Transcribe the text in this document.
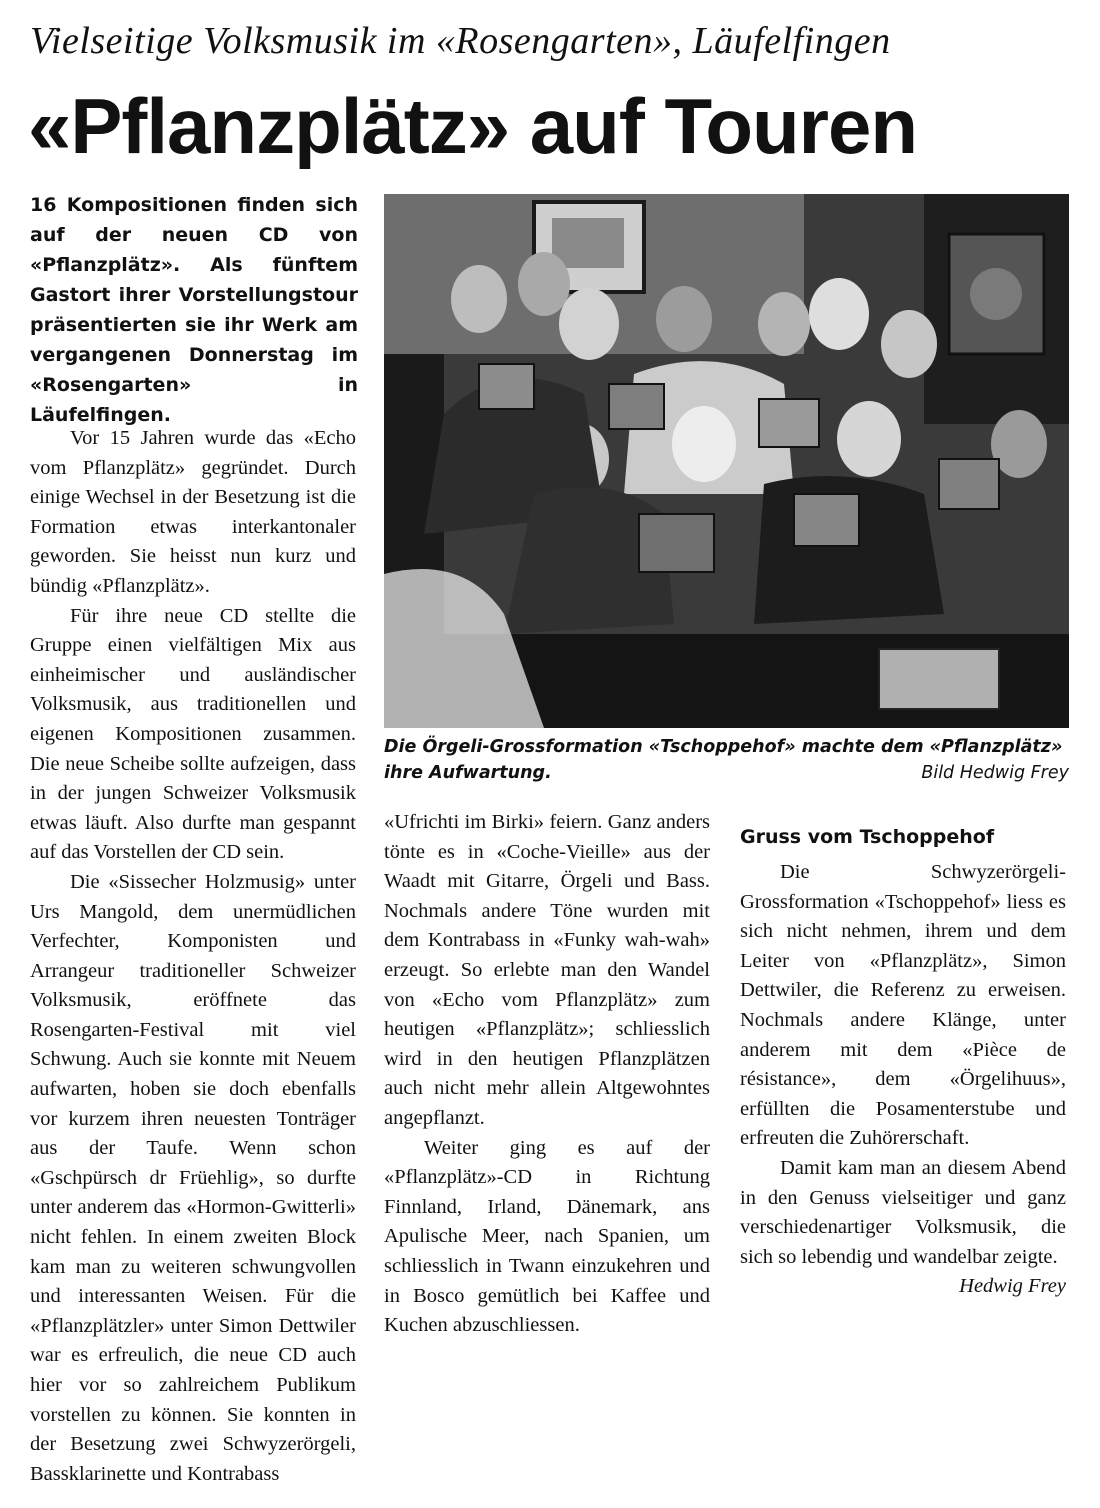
Vielseitige Volksmusik im «Rosengarten», Läufelfingen
«Pflanzplätz» auf Touren
16 Kompositionen finden sich auf der neuen CD von «Pflanzplätz». Als fünftem Gastort ihrer Vorstellungstour präsentierten sie ihr Werk am vergangenen Donnerstag im «Rosengarten» in Läufelfingen.
Die Örgeli-Grossformation «Tschoppehof» machte dem «Pflanzplätz» ihre Aufwartung.	Bild Hedwig Frey

Vor 15 Jahren wurde das «Echo vom Pflanzplätz» gegründet. Durch einige Wechsel in der Besetzung ist die Formation etwas interkantonaler geworden. Sie heisst nun kurz und bündig «Pflanzplätz».

Für ihre neue CD stellte die Gruppe einen vielfältigen Mix aus einheimischer und ausländischer Volksmusik, aus traditionellen und eigenen Kompositionen zusammen. Die neue Scheibe sollte aufzeigen, dass in der jungen Schweizer Volksmusik etwas läuft. Also durfte man gespannt auf das Vorstellen der CD sein.

Die «Sissecher Holzmusig» unter Urs Mangold, dem unermüdlichen Verfechter, Komponisten und Arrangeur traditioneller Schweizer Volksmusik, eröffnete das Rosengarten-Festival mit viel Schwung. Auch sie konnte mit Neuem aufwarten, hoben sie doch ebenfalls vor kurzem ihren neuesten Tonträger aus der Taufe. Wenn schon «Gschpürsch dr Früehlig», so durfte unter anderem das «Hormon-Gwitterli» nicht fehlen. In einem zweiten Block kam man zu weiteren schwungvollen und interessanten Weisen. Für die «Pflanzplätzler» unter Simon Dettwiler war es erfreulich, die neue CD auch hier vor so zahlreichem Publikum vorstellen zu können. Sie konnten in der Besetzung zwei Schwyzerörgeli, Bassklarinette und Kontrabass

«Ufrichti im Birki» feiern. Ganz anders tönte es in «Coche-Vieille» aus der Waadt mit Gitarre, Örgeli und Bass. Nochmals andere Töne wurden mit dem Kontrabass in «Funky wah-wah» erzeugt. So erlebte man den Wandel von «Echo vom Pflanzplätz» zum heutigen «Pflanzplätz»; schliesslich wird in den heutigen Pflanzplätzen auch nicht mehr allein Altgewohntes angepflanzt.

Weiter ging es auf der «Pflanzplätz»-CD in Richtung Finnland, Irland, Dänemark, ans Apulische Meer, nach Spanien, um schliesslich in Twann einzukehren und in Bosco gemütlich bei Kaffee und Kuchen abzuschliessen.

Gruss vom Tschoppehof

Die Schwyzerörgeli-Grossformation «Tschoppehof» liess es sich nicht nehmen, ihrem und dem Leiter von «Pflanzplätz», Simon Dettwiler, die Referenz zu erweisen. Nochmals andere Klänge, unter anderem mit dem «Pièce de résistance», dem «Örgelihuus», erfüllten die Posamenterstube und erfreuten die Zuhörerschaft.

Damit kam man an diesem Abend in den Genuss vielseitiger und ganz verschiedenartiger Volksmusik, die sich so lebendig und wandelbar zeigte.

Hedwig Frey
